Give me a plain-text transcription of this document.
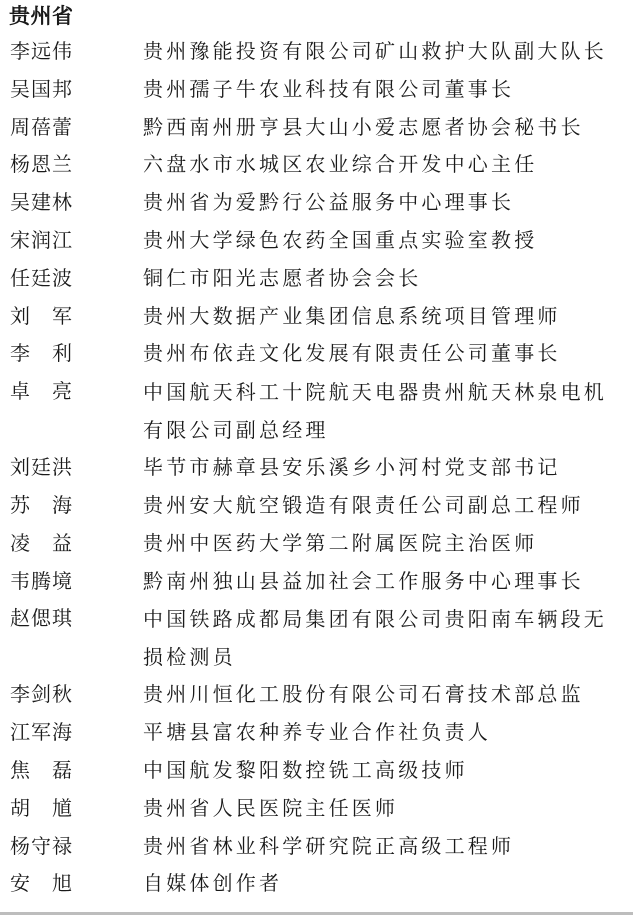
贵州省
李远伟	贵州豫能投资有限公司矿山救护大队副大队长
吴国邦	贵州孺子牛农业科技有限公司董事长
周蓓蕾	黔西南州册亨县大山小爱志愿者协会秘书长
杨恩兰	六盘水市水城区农业综合开发中心主任
吴建林	贵州省为爱黔行公益服务中心理事长
宋润江	贵州大学绿色农药全国重点实验室教授
任廷波	铜仁市阳光志愿者协会会长
刘　军	贵州大数据产业集团信息系统项目管理师
李　利	贵州布依垚文化发展有限责任公司董事长
卓　亮	中国航天科工十院航天电器贵州航天林泉电机有限公司副总经理
刘廷洪	毕节市赫章县安乐溪乡小河村党支部书记
苏　海	贵州安大航空锻造有限责任公司副总工程师
凌　益	贵州中医药大学第二附属医院主治医师
韦腾境	黔南州独山县益加社会工作服务中心理事长
赵偲琪	中国铁路成都局集团有限公司贵阳南车辆段无损检测员
李剑秋	贵州川恒化工股份有限公司石膏技术部总监
江军海	平塘县富农种养专业合作社负责人
焦　磊	中国航发黎阳数控铣工高级技师
胡　馗	贵州省人民医院主任医师
杨守禄	贵州省林业科学研究院正高级工程师
安　旭	自媒体创作者
